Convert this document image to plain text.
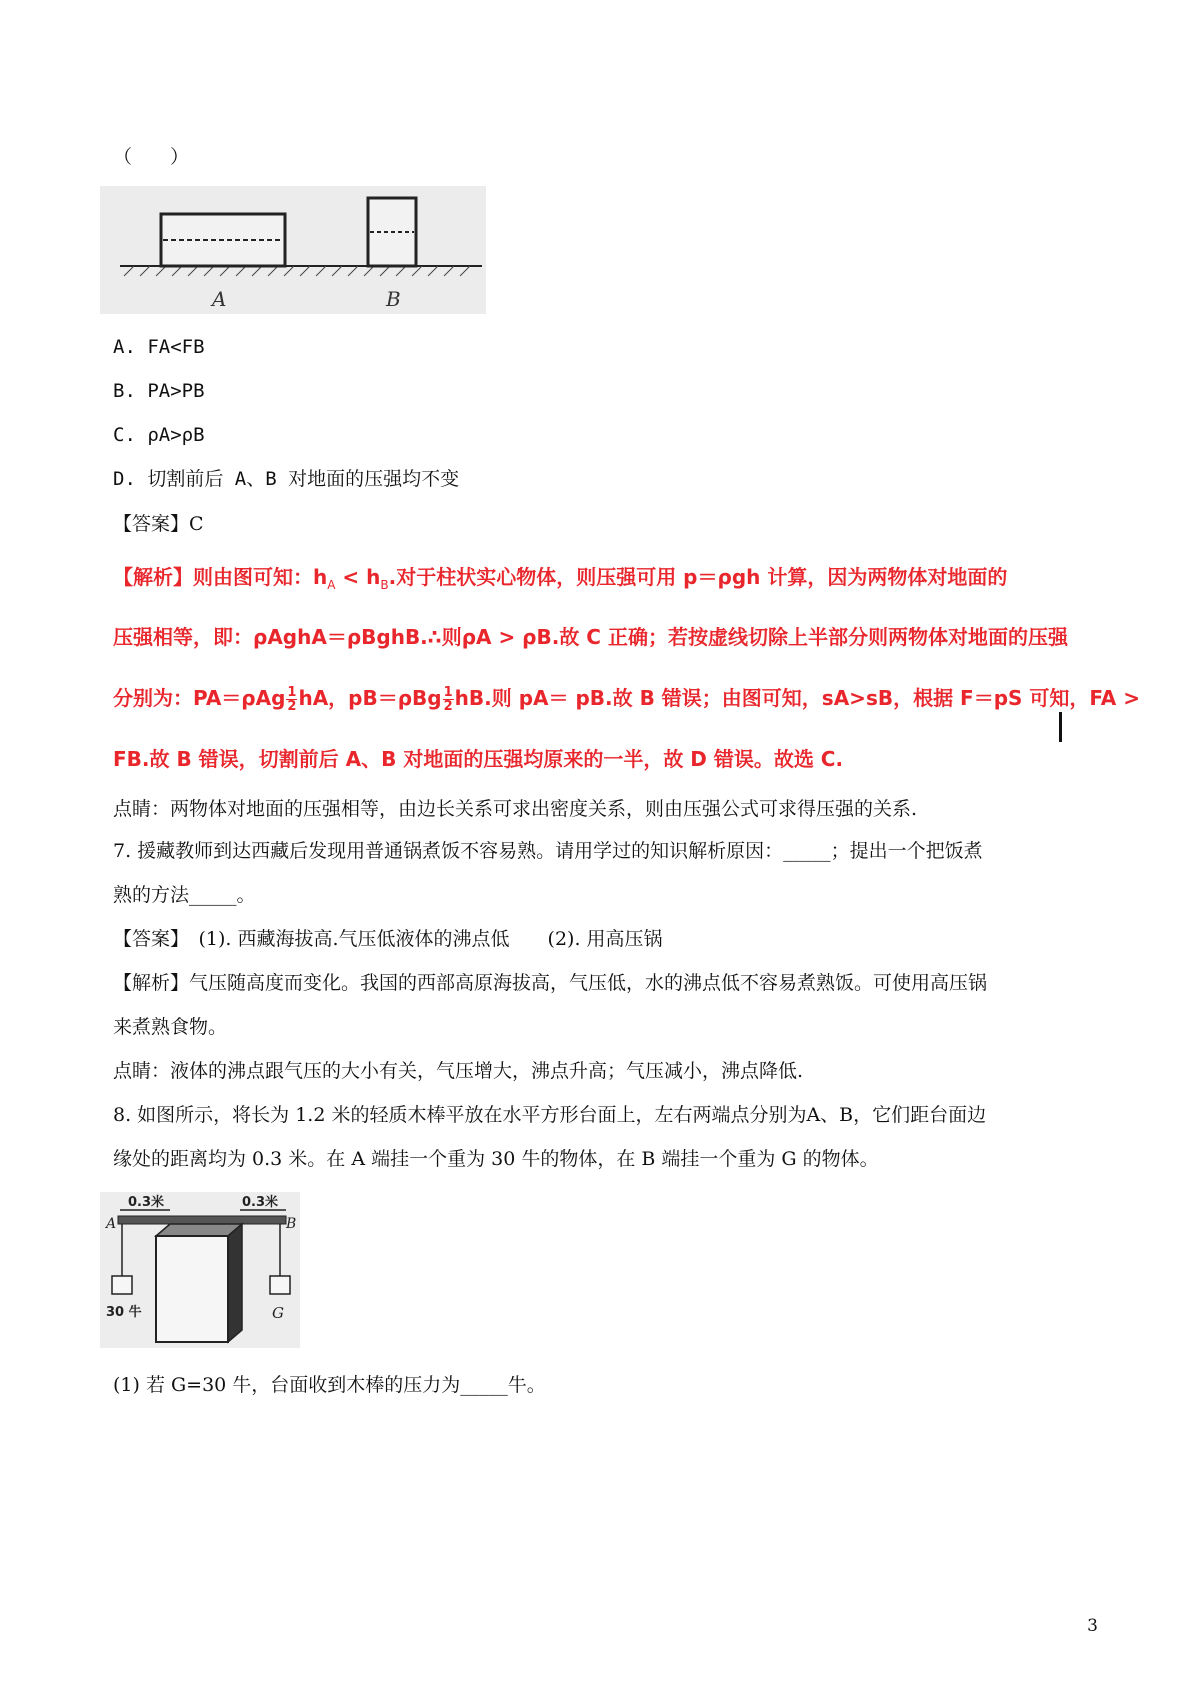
（　　）
A	B
A. FA<FB
B. PA>PB
C. ρA>ρB
D. 切割前后 A、B 对地面的压强均不变
【答案】C
【解析】则由图可知：$h_A < h_B$.对于柱状实心物体，则压强可用 p＝ρgh 计算，因为两物体对地面的
压强相等，即：ρAghA＝ρBghB.∴则ρA > ρB.故 C 正确；若按虚线切除上半部分则两物体对地面的压强
分别为：$PA=\rho Ag \frac{1}{2}$ hA，$pB=\rho Bg \frac{1}{2}$ hB.则 pA＝ pB.故 B 错误；由图可知，sA>sB，根据 F＝pS 可知，FA >
FB.故 B 错误，切割前后 A、B 对地面的压强均原来的一半，故 D 错误。故选 C.
点睛：两物体对地面的压强相等，由边长关系可求出密度关系，则由压强公式可求得压强的关系.
7. 援藏教师到达西藏后发现用普通锅煮饭不容易熟。请用学过的知识解析原因：_____；提出一个把饭煮
熟的方法_____。
【答案】　(1). 西藏海拔高.气压低液体的沸点低　　(2). 用高压锅
【解析】气压随高度而变化。我国的西部高原海拔高，气压低，水的沸点低不容易煮熟饭。可使用高压锅
来煮熟食物。
点睛：液体的沸点跟气压的大小有关，气压增大，沸点升高；气压减小，沸点降低.
8. 如图所示，将长为 1.2 米的轻质木棒平放在水平方形台面上，左右两端点分别为A、B，它们距台面边
缘处的距离均为 0.3 米。在 A 端挂一个重为 30 牛的物体，在 B 端挂一个重为 G 的物体。
0.3米	0.3米
A	B
30 牛	G
(1) 若 G=30 牛，台面收到木棒的压力为_____牛。
3
